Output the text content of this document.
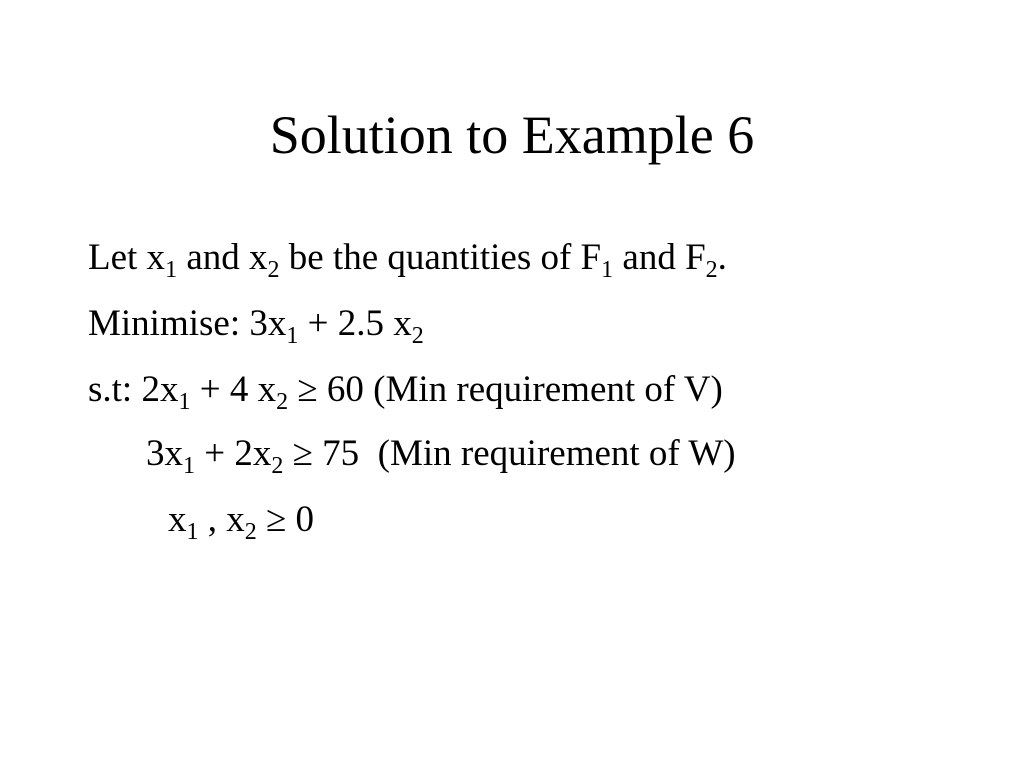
Solution to Example 6

Let $x_1$ and $x_2$ be the quantities of $F_1$ and $F_2$.

Minimise: $3x_1 + 2.5$ $x_2$

s.t: $2x_1 + 4$ $x_2 \ge 60$ (Min requirement of V)

$3x_1 + 2x_2 \ge 75$  (Min requirement of W)

$x_1$ , $x_2 \ge 0$
